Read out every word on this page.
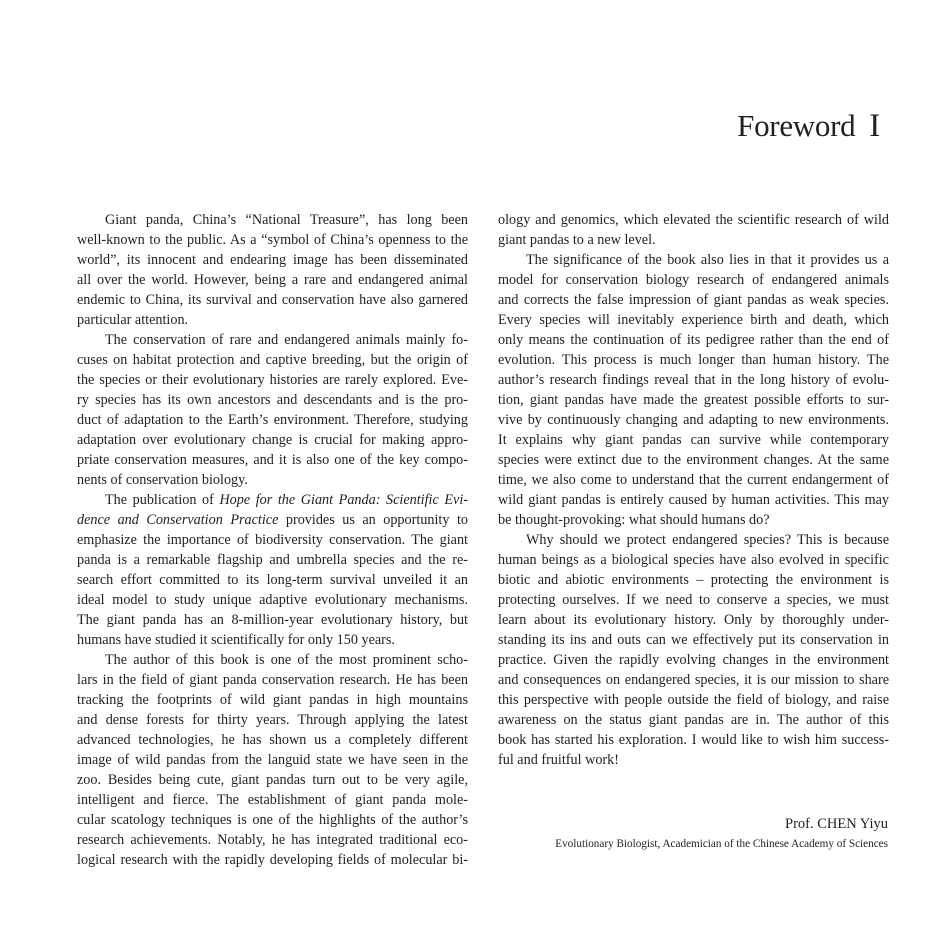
Foreword I
Giant panda, China’s “National Treasure”, has long been
well-known to the public. As a “symbol of China’s openness to the
world”, its innocent and endearing image has been disseminated
all over the world. However, being a rare and endangered animal
endemic to China, its survival and conservation have also garnered
particular attention.
The conservation of rare and endangered animals mainly fo-
cuses on habitat protection and captive breeding, but the origin of
the species or their evolutionary histories are rarely explored. Eve-
ry species has its own ancestors and descendants and is the pro-
duct of adaptation to the Earth’s environment. Therefore, studying
adaptation over evolutionary change is crucial for making appro-
priate conservation measures, and it is also one of the key compo-
nents of conservation biology.
The publication of Hope for the Giant Panda: Scientific Evi-
dence and Conservation Practice provides us an opportunity to
emphasize the importance of biodiversity conservation. The giant
panda is a remarkable flagship and umbrella species and the re-
search effort committed to its long-term survival unveiled it an
ideal model to study unique adaptive evolutionary mechanisms.
The giant panda has an 8-million-year evolutionary history, but
humans have studied it scientifically for only 150 years.
The author of this book is one of the most prominent scho-
lars in the field of giant panda conservation research. He has been
tracking the footprints of wild giant pandas in high mountains
and dense forests for thirty years. Through applying the latest
advanced technologies, he has shown us a completely different
image of wild pandas from the languid state we have seen in the
zoo. Besides being cute, giant pandas turn out to be very agile,
intelligent and fierce. The establishment of giant panda mole-
cular scatology techniques is one of the highlights of the author’s
research achievements. Notably, he has integrated traditional eco-
logical research with the rapidly developing fields of molecular bi-
ology and genomics, which elevated the scientific research of wild
giant pandas to a new level.
The significance of the book also lies in that it provides us a
model for conservation biology research of endangered animals
and corrects the false impression of giant pandas as weak species.
Every species will inevitably experience birth and death, which
only means the continuation of its pedigree rather than the end of
evolution. This process is much longer than human history. The
author’s research findings reveal that in the long history of evolu-
tion, giant pandas have made the greatest possible efforts to sur-
vive by continuously changing and adapting to new environments.
It explains why giant pandas can survive while contemporary
species were extinct due to the environment changes. At the same
time, we also come to understand that the current endangerment of
wild giant pandas is entirely caused by human activities. This may
be thought-provoking: what should humans do?
Why should we protect endangered species? This is because
human beings as a biological species have also evolved in specific
biotic and abiotic environments – protecting the environment is
protecting ourselves. If we need to conserve a species, we must
learn about its evolutionary history. Only by thoroughly under-
standing its ins and outs can we effectively put its conservation in
practice. Given the rapidly evolving changes in the environment
and consequences on endangered species, it is our mission to share
this perspective with people outside the field of biology, and raise
awareness on the status giant pandas are in. The author of this
book has started his exploration. I would like to wish him success-
ful and fruitful work!
Prof. CHEN Yiyu
Evolutionary Biologist, Academician of the Chinese Academy of Sciences
